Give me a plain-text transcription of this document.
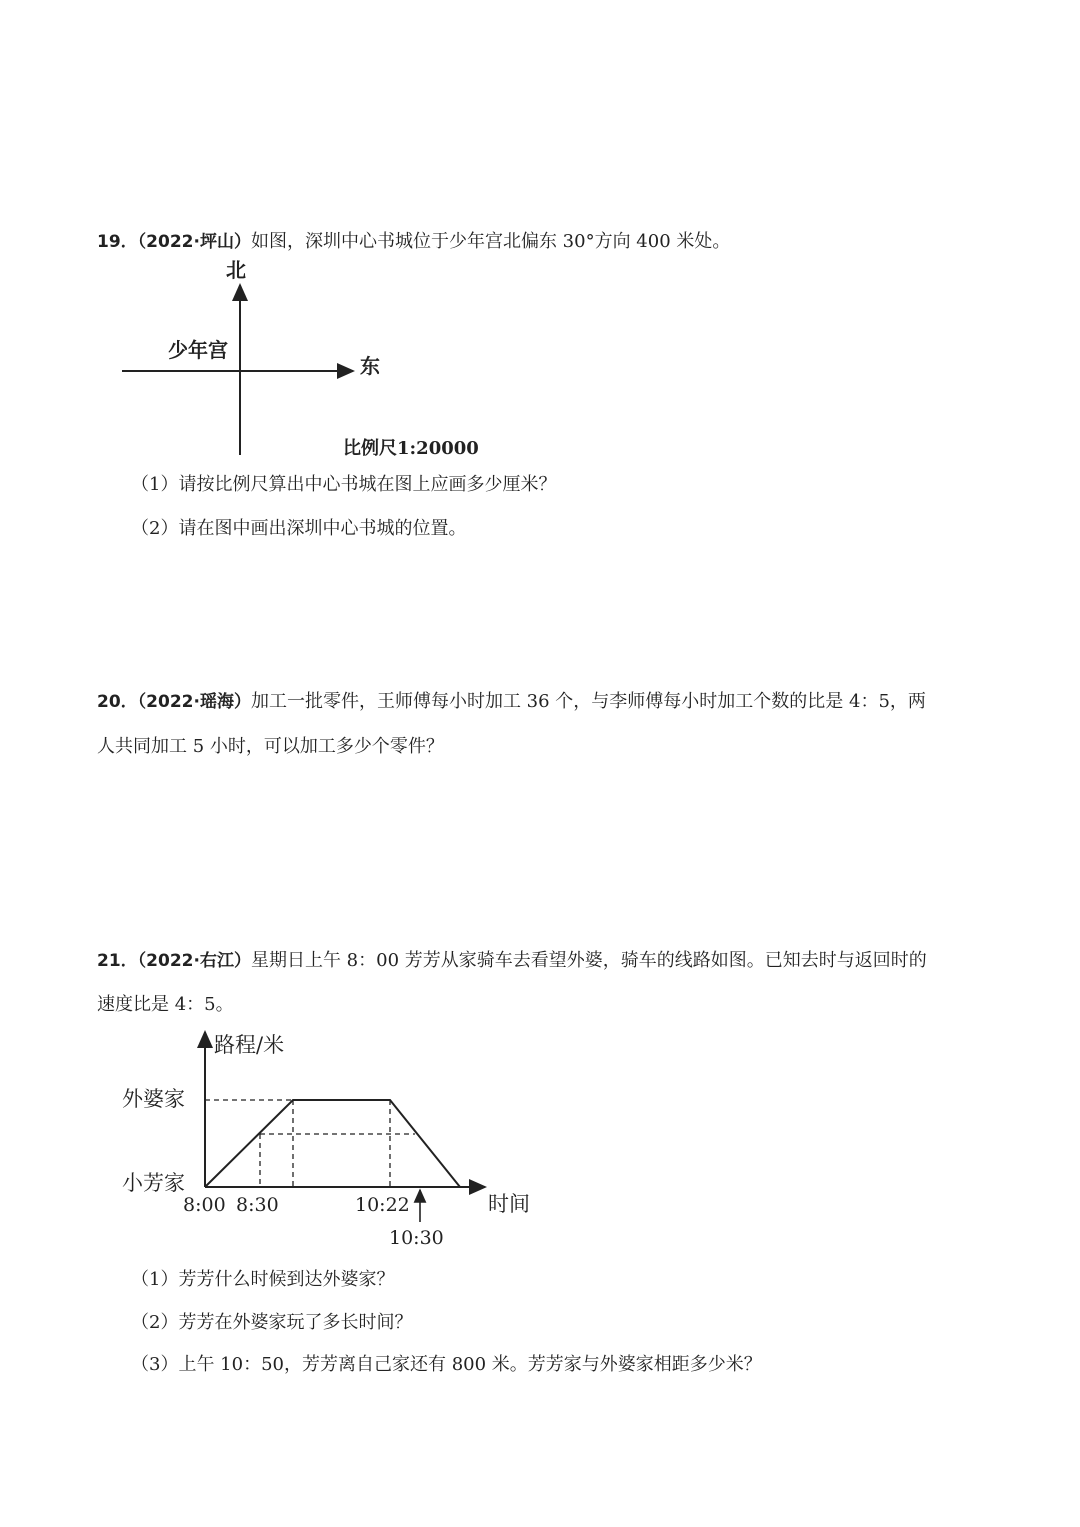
19．（2022·坪山）如图，深圳中心书城位于少年宫北偏东 30°方向 400 米处。
北
东
少年宫
比例尺1:20000
（1）请按比例尺算出中心书城在图上应画多少厘米？
（2）请在图中画出深圳中心书城的位置。
20．（2022·瑶海）加工一批零件，王师傅每小时加工 36 个，与李师傅每小时加工个数的比是 4：5，两
人共同加工 5 小时，可以加工多少个零件？
21．（2022·右江）星期日上午 8：00 芳芳从家骑车去看望外婆，骑车的线路如图。已知去时与返回时的
速度比是 4：5。
路程/米
时间
外婆家
小芳家
8:00 8:30	10:22
10:30
（1）芳芳什么时候到达外婆家？
（2）芳芳在外婆家玩了多长时间？
（3）上午 10：50，芳芳离自己家还有 800 米。芳芳家与外婆家相距多少米？
